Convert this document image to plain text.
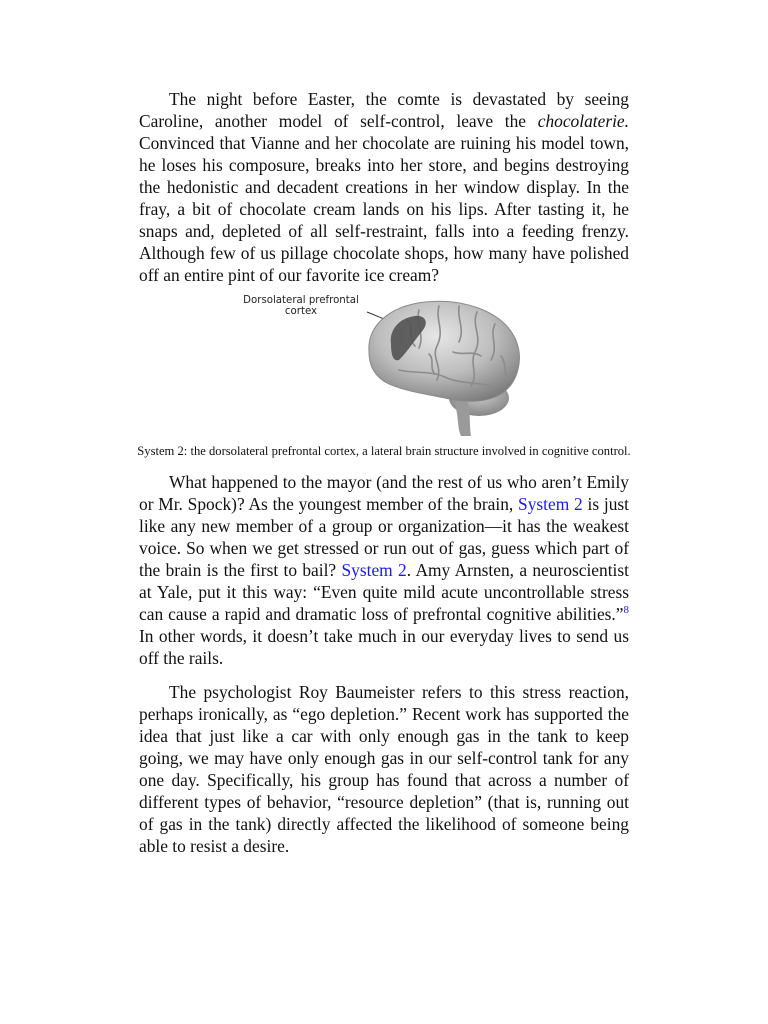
The night before Easter, the comte is devastated by seeing Caroline, another model of self-control, leave the chocolaterie. Convinced that Vianne and her chocolate are ruining his model town, he loses his composure, breaks into her store, and begins destroying the hedonistic and decadent creations in her window display. In the fray, a bit of chocolate cream lands on his lips. After tasting it, he snaps and, depleted of all self-restraint, falls into a feeding frenzy. Although few of us pillage chocolate shops, how many have polished off an entire pint of our favorite ice cream?

Dorsolateral prefrontal cortex
System 2: the dorsolateral prefrontal cortex, a lateral brain structure involved in cognitive control.

What happened to the mayor (and the rest of us who aren’t Emily or Mr. Spock)? As the youngest member of the brain, System 2 is just like any new member of a group or organization—it has the weakest voice. So when we get stressed or run out of gas, guess which part of the brain is the first to bail? System 2. Amy Arnsten, a neuroscientist at Yale, put it this way: “Even quite mild acute uncontrollable stress can cause a rapid and dramatic loss of prefrontal cognitive abilities.”$^8$ In other words, it doesn’t take much in our everyday lives to send us off the rails.

The psychologist Roy Baumeister refers to this stress reaction, perhaps ironically, as “ego depletion.” Recent work has supported the idea that just like a car with only enough gas in the tank to keep going, we may have only enough gas in our self-control tank for any one day. Specifically, his group has found that across a number of different types of behavior, “resource depletion” (that is, running out of gas in the tank) directly affected the likelihood of someone being able to resist a desire.
